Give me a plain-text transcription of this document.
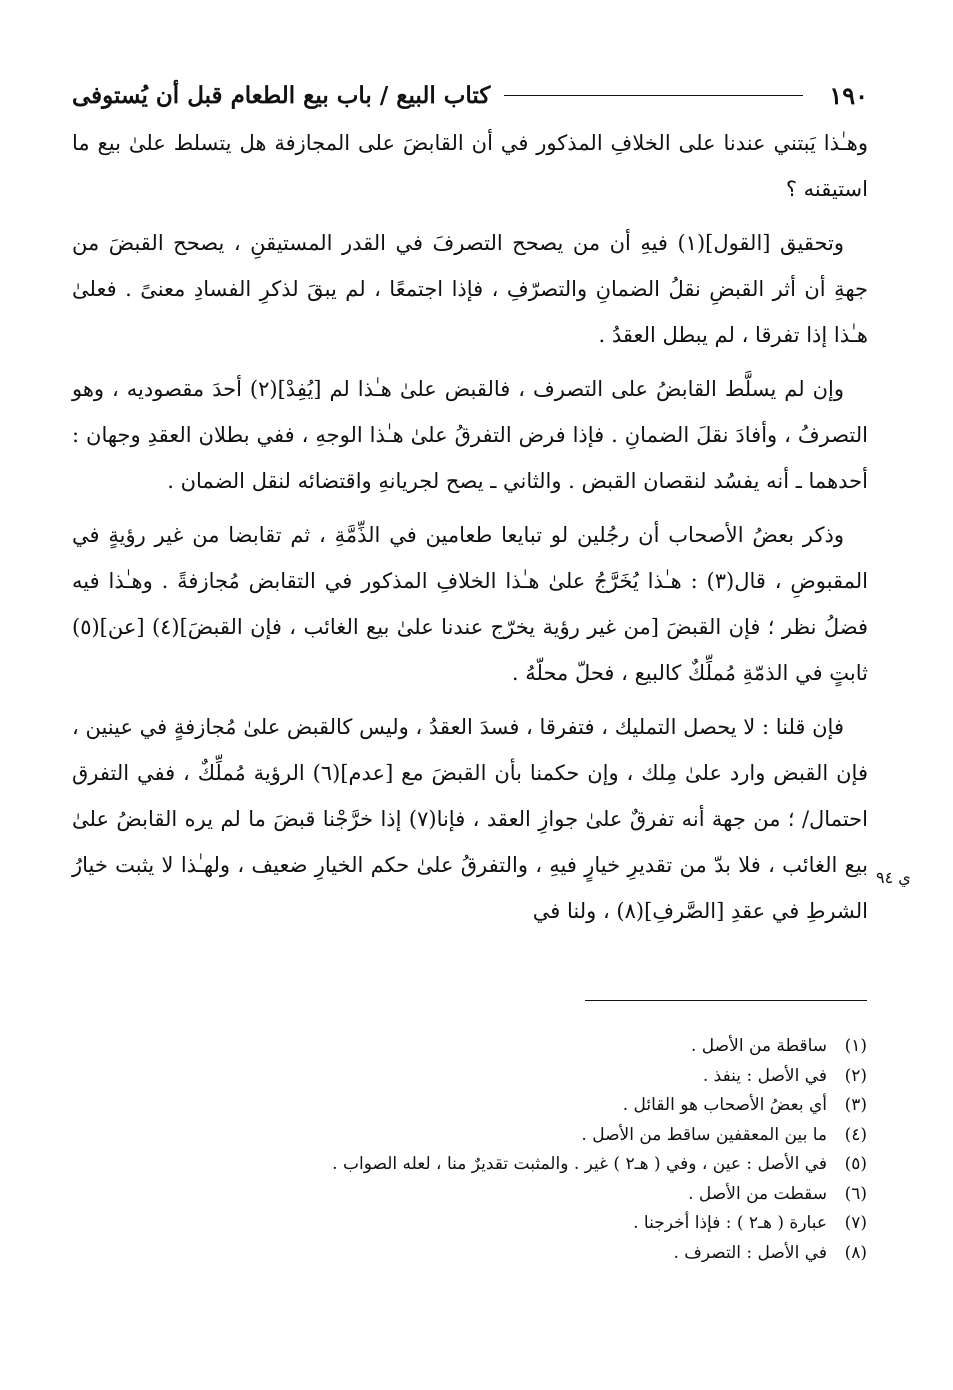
١٩٠
كتاب البيع / باب بيع الطعام قبل أن يُستوفى

وهـٰذا يَبتني عندنا على الخلافِ المذكور في أن القابضَ على المجازفة هل يتسلط علىٰ بيع ما استيقنه ؟

وتحقيق [القول](١) فيهِ أن من يصحح التصرفَ في القدر المستيقنِ ، يصحح القبضَ من جهةِ أن أثر القبضِ نقلُ الضمانِ والتصرّفِ ، فإذا اجتمعًا ، لم يبقَ لذكرِ الفسادِ معنىً . فعلىٰ هـٰذا إذا تفرقا ، لم يبطل العقدُ .

وإن لم يسلَّط القابضُ على التصرف ، فالقبض علىٰ هـٰذا لم [يُفِدْ](٢) أحدَ مقصوديه ، وهو التصرفُ ، وأفادَ نقلَ الضمانِ . فإذا فرض التفرقُ علىٰ هـٰذا الوجهِ ، ففي بطلان العقدِ وجهان : أحدهما ـ أنه يفسُد لنقصان القبض . والثاني ـ يصح لجريانهِ واقتضائه لنقل الضمان .

وذكر بعضُ الأصحاب أن رجُلين لو تبايعا طعامين في الذِّمَّةِ ، ثم تقابضا من غير رؤيةٍ في المقبوضِ ، قال(٣) : هـٰذا يُخَرَّجُ علىٰ هـٰذا الخلافِ المذكور في التقابض مُجازفةً . وهـٰذا فيه فضلُ نظر ؛ فإن القبضَ [من غير رؤية يخرّج عندنا علىٰ بيع الغائب ، فإن القبضَ](٤) [عن](٥) ثابتٍ في الذمّةِ مُملِّكٌ كالبيع ، فحلّ محلّهُ .

فإن قلنا : لا يحصل التمليك ، فتفرقا ، فسدَ العقدُ ، وليس كالقبض علىٰ مُجازفةٍ في عينين ، فإن القبض وارد علىٰ مِلك ، وإن حكمنا بأن القبضَ مع [عدم](٦) الرؤية مُملِّكٌ ، ففي التفرق احتمال/ ؛ من جهة أنه تفرقٌ علىٰ جوازِ العقد ، فإنا(٧) إذا خرَّجْنا قبضَ ما لم يره القابضُ علىٰ بيع الغائب ، فلا بدّ من تقديرِ خيارٍ فيهِ ، والتفرقُ علىٰ حكم الخيارِ ضعيف ، ولهـٰذا لا يثبت خيارُ الشرطِ في عقدِ [الصَّرفِ](٨) ، ولنا في

ي ٩٤
(١)
ساقطة من الأصل .
(٢)
في الأصل : ينفذ .
(٣)
أي بعضُ الأصحاب هو القائل .
(٤)
ما بين المعقفين ساقط من الأصل .
(٥)
في الأصل : عين ، وفي ( هـ٢ ) غير . والمثبت تقديرٌ منا ، لعله الصواب .
(٦)
سقطت من الأصل .
(٧)
عبارة ( هـ٢ ) : فإذا أخرجنا .
(٨)
في الأصل : التصرف .
